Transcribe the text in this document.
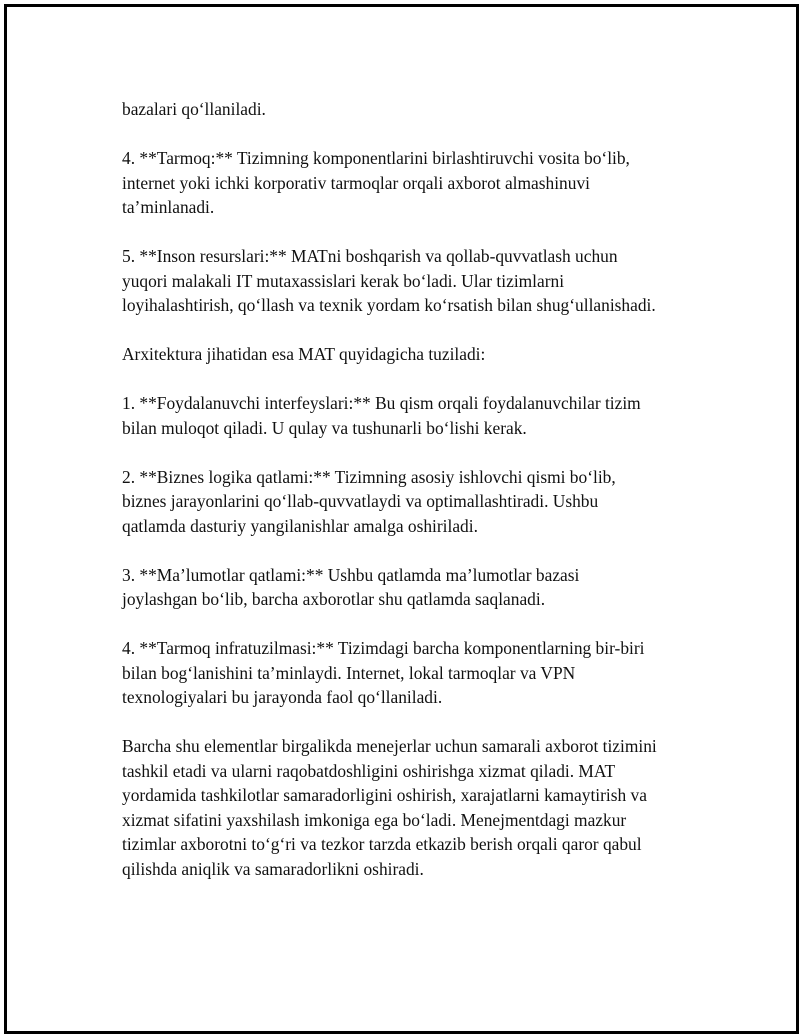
bazalari qo‘llaniladi.

4. **Tarmoq:** Tizimning komponentlarini birlashtiruvchi vosita bo‘lib,
internet yoki ichki korporativ tarmoqlar orqali axborot almashinuvi
ta’minlanadi.

5. **Inson resurslari:** MATni boshqarish va qollab-quvvatlash uchun
yuqori malakali IT mutaxassislari kerak bo‘ladi. Ular tizimlarni
loyihalashtirish, qo‘llash va texnik yordam ko‘rsatish bilan shug‘ullanishadi.

Arxitektura jihatidan esa MAT quyidagicha tuziladi:

1. **Foydalanuvchi interfeyslari:** Bu qism orqali foydalanuvchilar tizim
bilan muloqot qiladi. U qulay va tushunarli bo‘lishi kerak.

2. **Biznes logika qatlami:** Tizimning asosiy ishlovchi qismi bo‘lib,
biznes jarayonlarini qo‘llab-quvvatlaydi va optimallashtiradi. Ushbu
qatlamda dasturiy yangilanishlar amalga oshiriladi.

3. **Ma’lumotlar qatlami:** Ushbu qatlamda ma’lumotlar bazasi
joylashgan bo‘lib, barcha axborotlar shu qatlamda saqlanadi.

4. **Tarmoq infratuzilmasi:** Tizimdagi barcha komponentlarning bir-biri
bilan bog‘lanishini ta’minlaydi. Internet, lokal tarmoqlar va VPN
texnologiyalari bu jarayonda faol qo‘llaniladi.

Barcha shu elementlar birgalikda menejerlar uchun samarali axborot tizimini
tashkil etadi va ularni raqobatdoshligini oshirishga xizmat qiladi. MAT
yordamida tashkilotlar samaradorligini oshirish, xarajatlarni kamaytirish va
xizmat sifatini yaxshilash imkoniga ega bo‘ladi. Menejmentdagi mazkur
tizimlar axborotni to‘g‘ri va tezkor tarzda etkazib berish orqali qaror qabul
qilishda aniqlik va samaradorlikni oshiradi.
